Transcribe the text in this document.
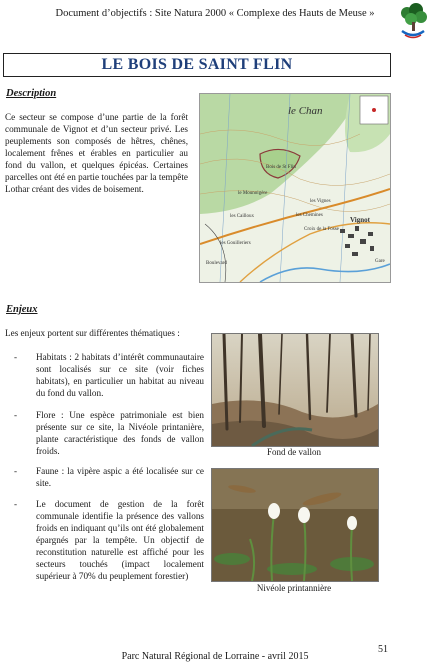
Document d’objectifs : Site Natura 2000 « Complexe des Hauts de Meuse »
LE BOIS DE SAINT FLIN
Description
Ce secteur se compose d’une partie de la forêt communale de Vignot et d’un secteur privé. Les peuplements son composés de hêtres, chênes, localement frênes et érables en particulier au fond du vallon, et quelques épicéas. Certaines parcelles ont été en partie touchées par la tempête Lothar créant des vides de boisement.
le Chan
Bois de St Flin
le Mounoigère
les Cailloux	les Chemines
les Vignes
Croix de la Fosse
Vignot
les Gouilleriers
Boulevard	Gare
Enjeux
Les enjeux portent sur différentes thématiques :
- Habitats : 2 habitats d’intérêt communautaire sont localisés sur ce site (voir fiches habitats), en particulier un habitat au niveau du fond du vallon.
- Flore : Une espèce patrimoniale est bien présente sur ce site, la Nivéole printanière, plante caractéristique des fonds de vallon froids.
- Faune : la vipère aspic a été localisée sur ce site.
- Le document de gestion de la forêt communale identifie la présence des vallons froids en indiquant qu’ils ont été globalement épargnés par la tempête. Un objectif de reconstitution naturelle est affiché pour les secteurs touchés (impact localement supérieur à 70% du peuplement forestier)
Fond de vallon
Nivéole printannière
51
Parc Natural Régional de Lorraine - avril 2015
